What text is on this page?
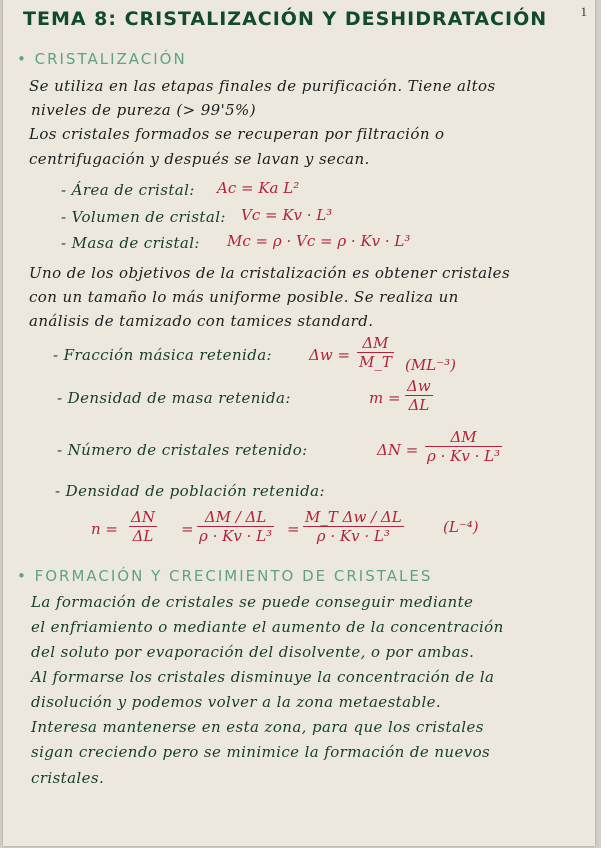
1
TEMA 8: CRISTALIZACIÓN Y DESHIDRATACIÓN
• CRISTALIZACIÓN
Se utiliza en las etapas finales de purificación. Tiene altos
niveles de pureza (> 99'5%)
Los cristales formados se recuperan por filtración o
centrifugación y después se lavan y secan.
- Área de cristal: Ac = Ka L²
- Volumen de cristal: Vc = Kv · L³
- Masa de cristal: Mc = ρ · Vc = ρ · Kv · L³
Uno de los objetivos de la cristalización es obtener cristales
con un tamaño lo más uniforme posible. Se realiza un
análisis de tamizado con tamices standard.
- Fracción másica retenida: $\Delta w = \frac{\Delta M}{M\_T} (ML^{-3})$
- Densidad de masa retenida:	$m = \frac{\Delta w}{\Delta L}$
- Número de cristales retenido:	$\Delta N = \frac{\Delta M}{\text{ρ · Kv · L³}}$
- Densidad de población retenida:
$n = \frac{\Delta N}{\Delta L} = \frac{\Delta M / \Delta L}{\text{ρ · Kv · L³}} = \frac{\text{M\_T Δw / ΔL}}{\text{ρ · Kv · L³}}$	(L⁻⁴)
• FORMACIÓN Y CRECIMIENTO DE CRISTALES
La formación de cristales se puede conseguir mediante
el enfriamiento o mediante el aumento de la concentración
del soluto por evaporación del disolvente, o por ambas.
Al formarse los cristales disminuye la concentración de la
disolución y podemos volver a la zona metaestable.
Interesa mantenerse en esta zona, para que los cristales
sigan creciendo pero se minimice la formación de nuevos
cristales.
